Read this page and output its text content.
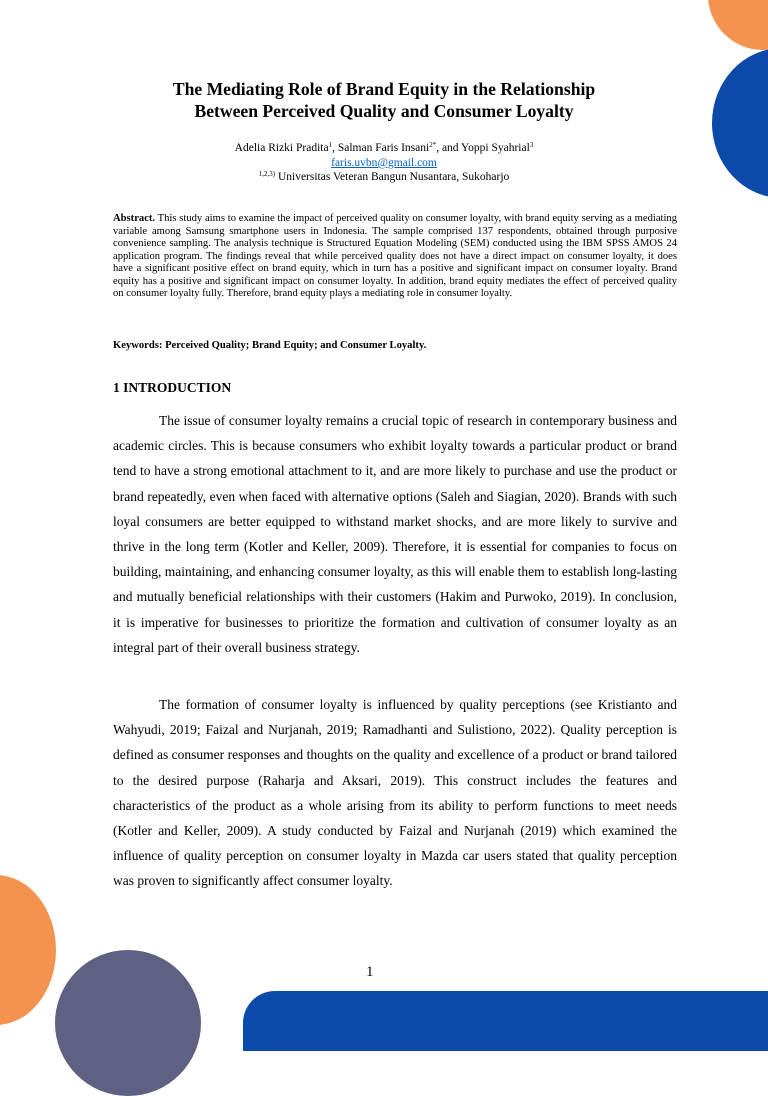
The Mediating Role of Brand Equity in the Relationship
Between Perceived Quality and Consumer Loyalty
Adelia Rizki Pradita$^1$, Salman Faris Insani$^{2*}$, and Yoppi Syahrial$^3$
faris.uvbn@gmail.com
$^{1,2,3)}$ Universitas Veteran Bangun Nusantara, Sukoharjo

Abstract. This study aims to examine the impact of perceived quality on consumer loyalty, with brand equity serving as a mediating variable among Samsung smartphone users in Indonesia. The sample comprised 137 respondents, obtained through purposive convenience sampling. The analysis technique is Structured Equation Modeling (SEM) conducted using the IBM SPSS AMOS 24 application program. The findings reveal that while perceived quality does not have a direct impact on consumer loyalty, it does have a significant positive effect on brand equity, which in turn has a positive and significant impact on consumer loyalty. Brand equity has a positive and significant impact on consumer loyalty. In addition, brand equity mediates the effect of perceived quality on consumer loyalty fully. Therefore, brand equity plays a mediating role in consumer loyalty.

Keywords: Perceived Quality; Brand Equity; and Consumer Loyalty.

1 INTRODUCTION

The issue of consumer loyalty remains a crucial topic of research in contemporary business and academic circles. This is because consumers who exhibit loyalty towards a particular product or brand tend to have a strong emotional attachment to it, and are more likely to purchase and use the product or brand repeatedly, even when faced with alternative options (Saleh and Siagian, 2020). Brands with such loyal consumers are better equipped to withstand market shocks, and are more likely to survive and thrive in the long term (Kotler and Keller, 2009). Therefore, it is essential for companies to focus on building, maintaining, and enhancing consumer loyalty, as this will enable them to establish long-lasting and mutually beneficial relationships with their customers (Hakim and Purwoko, 2019). In conclusion, it is imperative for businesses to prioritize the formation and cultivation of consumer loyalty as an integral part of their overall business strategy.

The formation of consumer loyalty is influenced by quality perceptions (see Kristianto and Wahyudi, 2019; Faizal and Nurjanah, 2019; Ramadhanti and Sulistiono, 2022). Quality perception is defined as consumer responses and thoughts on the quality and excellence of a product or brand tailored to the desired purpose (Raharja and Aksari, 2019). This construct includes the features and characteristics of the product as a whole arising from its ability to perform functions to meet needs (Kotler and Keller, 2009). A study conducted by Faizal and Nurjanah (2019) which examined the influence of quality perception on consumer loyalty in Mazda car users stated that quality perception was proven to significantly affect consumer loyalty.

1
